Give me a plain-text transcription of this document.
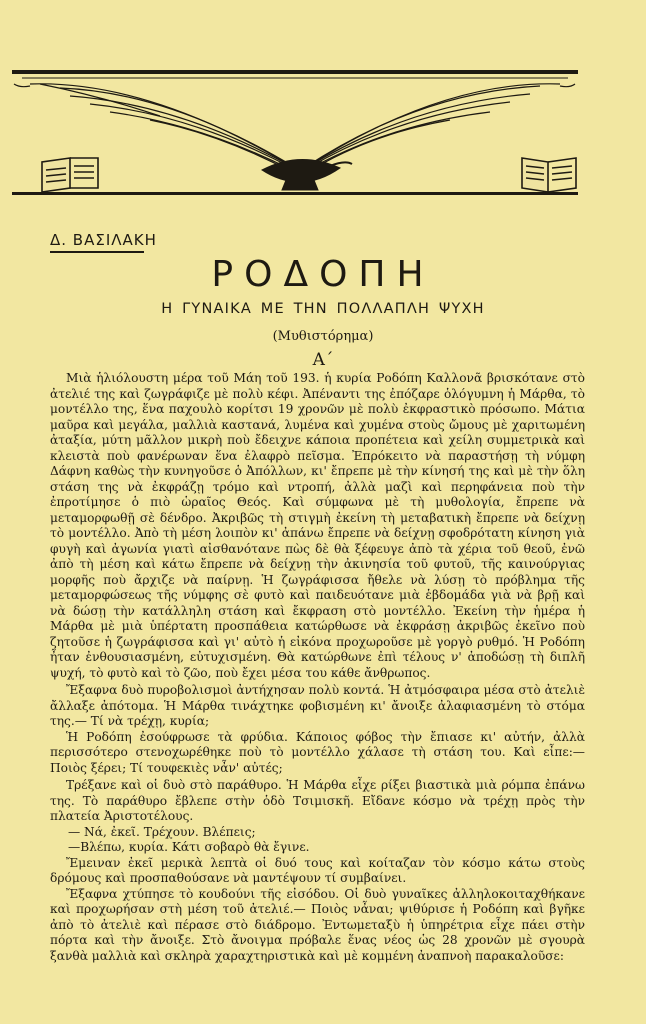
Δ. ΒΑΣΙΛΑΚΗ
ΡΟΔΟΠΗ
Η ΓΥΝΑΙΚΑ ΜΕ ΤΗΝ ΠΟΛΛΑΠΛΗ ΨΥΧΗ
(Μυθιστόρημα)
Α΄

Μιὰ ἡλιόλουστη μέρα τοῦ Μάη τοῦ 193. ἡ κυρία Ροδόπη Καλλονᾶ βρισκότανε στὸ ἀτελιέ της καὶ ζωγράφιζε μὲ πολὺ κέφι. Ἀπέναντι της ἐπόζαρε ὁλόγυμνη ἡ Μάρθα, τὸ μοντέλλο της, ἕνα παχουλὸ κορίτσι 19 χρονῶν μὲ πολὺ ἐκφραστικὸ πρόσωπο. Μάτια μαῦρα καὶ μεγάλα, μαλλιὰ καστανά, λυμένα καὶ χυμένα στοὺς ὤμους μὲ χαριτωμένη ἀταξία, μύτη μᾶλλον μικρὴ ποὺ ἔδειχνε κάποια προπέτεια καὶ χείλη συμμετρικὰ καὶ κλειστὰ ποὺ φανέρωναν ἕνα ἐλαφρὸ πεῖσμα. Ἐπρόκειτο νὰ παραστήσῃ τὴ νύμφη Δάφνη καθὼς τὴν κυνηγοῦσε ὁ Ἀπόλλων, κι' ἔπρεπε μὲ τὴν κίνησή της καὶ μὲ τὴν ὅλη στάση της νὰ ἐκφράζῃ τρόμο καὶ ντροπή, ἀλλὰ μαζὶ καὶ περηφάνεια ποὺ τὴν ἐπροτίμησε ὁ πιὸ ὡραῖος Θεός. Καὶ σύμφωνα μὲ τὴ μυθολογία, ἔπρεπε νὰ μεταμορφωθῇ σὲ δένδρο. Ἀκριβῶς τὴ στιγμὴ ἐκείνη τὴ μεταβατικὴ ἔπρεπε νὰ δείχνῃ τὸ μοντέλλο. Ἀπὸ τὴ μέση λοιπὸν κι' ἀπάνω ἔπρεπε νὰ δείχνῃ σφοδρότατη κίνηση γιὰ φυγὴ καὶ ἀγωνία γιατὶ αἰσθανότανε πὼς δὲ θὰ ξέφευγε ἀπὸ τὰ χέρια τοῦ θεοῦ, ἐνῶ ἀπὸ τὴ μέση καὶ κάτω ἔπρεπε νὰ δείχνῃ τὴν ἀκινησία τοῦ φυτοῦ, τῆς καινούργιας μορφῆς ποὺ ἄρχιζε νὰ παίρνῃ. Ἡ ζωγράφισσα ἤθελε νὰ λύσῃ τὸ πρόβλημα τῆς μεταμορφώσεως τῆς νύμφης σὲ φυτὸ καὶ παιδευότανε μιὰ ἑβδομάδα γιὰ νὰ βρῇ καὶ νὰ δώσῃ τὴν κατάλληλη στάση καὶ ἔκφραση στὸ μοντέλλο. Ἐκείνη τὴν ἡμέρα ἡ Μάρθα μὲ μιὰ ὑπέρτατη προσπάθεια κατώρθωσε νὰ ἐκφράσῃ ἀκριβῶς ἐκεῖνο ποὺ ζητοῦσε ἡ ζωγράφισσα καὶ γι' αὐτὸ ἡ εἰκόνα προχωροῦσε μὲ γοργὸ ρυθμό. Ἡ Ροδόπη ἦταν ἐνθουσιασμένη, εὐτυχισμένη. Θὰ κατώρθωνε ἐπὶ τέλους ν' ἀποδώσῃ τὴ διπλῆ ψυχή, τὸ φυτὸ καὶ τὸ ζῶο, ποὺ ἔχει μέσα του κάθε ἄνθρωπος.

Ἔξαφνα δυὸ πυροβολισμοὶ ἀντήχησαν πολὺ κοντά. Ἡ ἀτμόσφαιρα μέσα στὸ ἀτελιὲ ἄλλαξε ἀπότομα. Ἡ Μάρθα τινάχτηκε φοβισμένη κι' ἄνοιξε ἀλαφιασμένη τὸ στόμα της.— Τί νὰ τρέχῃ, κυρία;

Ἡ Ροδόπη ἐσούφρωσε τὰ φρύδια. Κάποιος φόβος τὴν ἔπιασε κι' αὐτήν, ἀλλὰ περισσότερο στενοχωρέθηκε ποὺ τὸ μοντέλλο χάλασε τὴ στάση του. Καὶ εἶπε:— Ποιὸς ξέρει; Τί τουφεκιὲς νἆν' αὐτές;

Τρέξανε καὶ οἱ δυὸ στὸ παράθυρο. Ἡ Μάρθα εἶχε ρίξει βιαστικὰ μιὰ ρόμπα ἐπάνω της. Τὸ παράθυρο ἔβλεπε στὴν ὁδὸ Τσιμισκῆ. Εἴδανε κόσμο νὰ τρέχῃ πρὸς τὴν πλατεία Ἀριστοτέλους.

— Νά, ἐκεῖ. Τρέχουν. Βλέπεις;

—Βλέπω, κυρία. Κάτι σοβαρὸ θὰ ἔγινε.

Ἔμειναν ἐκεῖ μερικὰ λεπτὰ οἱ δυό τους καὶ κοίταζαν τὸν κόσμο κάτω στοὺς δρόμους καὶ προσπαθούσανε νὰ μαντέψουν τί συμβαίνει.

Ἔξαφνα χτύπησε τὸ κουδούνι τῆς εἰσόδου. Οἱ δυὸ γυναῖκες ἀλληλοκοιταχθήκανε καὶ προχωρήσαν στὴ μέση τοῦ ἀτελιέ.— Ποιὸς νἆναι; ψιθύρισε ἡ Ροδόπη καὶ βγῆκε ἀπὸ τὸ ἀτελιὲ καὶ πέρασε στὸ διάδρομο. Ἐντωμεταξὺ ἡ ὑπηρέτρια εἶχε πάει στὴν πόρτα καὶ τὴν ἄνοιξε. Στὸ ἄνοιγμα πρόβαλε ἕνας νέος ὡς 28 χρονῶν μὲ σγουρὰ ξανθὰ μαλλιὰ καὶ σκληρὰ χαραχτηριστικὰ καὶ μὲ κομμένη ἀναπνοὴ παρακαλοῦσε:
